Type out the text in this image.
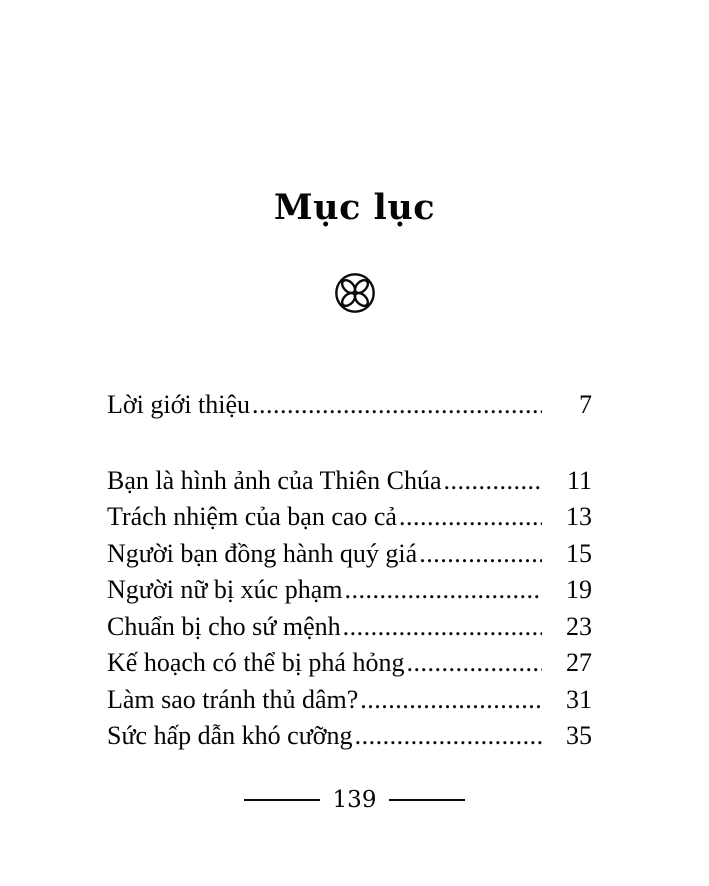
Mục lục
Lời giới thiệu .....	7
Bạn là hình ảnh của Thiên Chúa .....	11
Trách nhiệm của bạn cao cả .....	13
Người bạn đồng hành quý giá .....	15
Người nữ bị xúc phạm .....	19
Chuẩn bị cho sứ mệnh .....	23
Kế hoạch có thể bị phá hỏng .....	27
Làm sao tránh thủ dâm? .....	31
Sức hấp dẫn khó cưỡng .....	35
139
